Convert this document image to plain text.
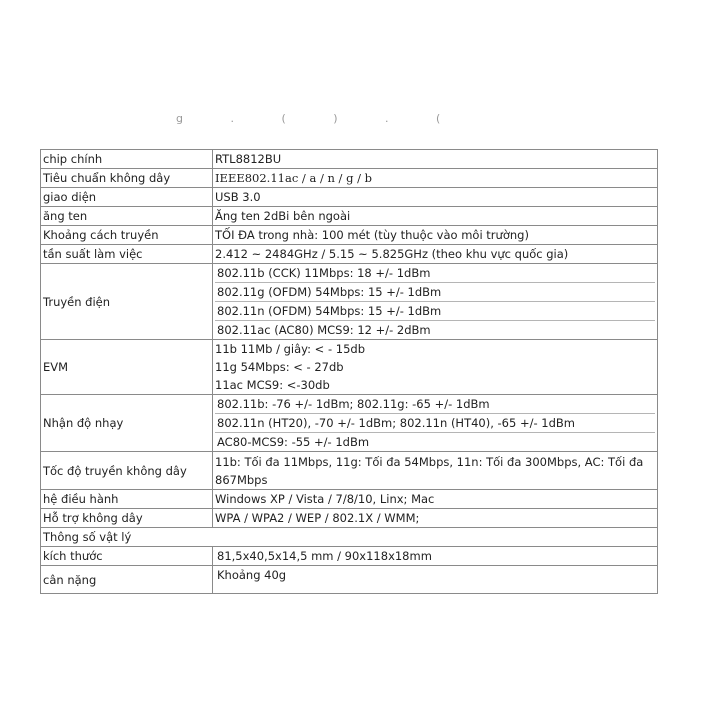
g . ( ) . (
chip chính	RTL8812BU
Tiêu chuẩn không dây	IEEE802.11ac / a / n / g / b
giao diện	USB 3.0
ăng ten	Ăng ten 2dBi bên ngoài
Khoảng cách truyền	TỐI ĐA trong nhà: 100 mét (tùy thuộc vào môi trường)
tần suất làm việc	2.412 ~ 2484GHz / 5.15 ~ 5.825GHz (theo khu vực quốc gia)
Truyền điện	802.11b (CCK) 11Mbps: 18 +/- 1dBm
802.11g (OFDM) 54Mbps: 15 +/- 1dBm
802.11n (OFDM) 54Mbps: 15 +/- 1dBm
802.11ac (AC80) MCS9: 12 +/- 2dBm

EVM	11b 11Mb / giây: < - 15db
11g 54Mbps: < - 27db
11ac MCS9: <-30db

Nhận độ nhạy	802.11b: -76 +/- 1dBm; 802.11g: -65 +/- 1dBm
802.11n (HT20), -70 +/- 1dBm; 802.11n (HT40), -65 +/- 1dBm
AC80-MCS9: -55 +/- 1dBm

Tốc độ truyền không dây	11b: Tối đa 11Mbps, 11g: Tối đa 54Mbps, 11n: Tối đa 300Mbps, AC: Tối đa 867Mbps
hệ điều hành	Windows XP / Vista / 7/8/10, Linx; Mac
Hỗ trợ không dây	WPA / WPA2 / WEP / 802.1X / WMM;
Thông số vật lý	
kích thước	81,5x40,5x14,5 mm / 90x118x18mm
cân nặng	Khoảng 40g
